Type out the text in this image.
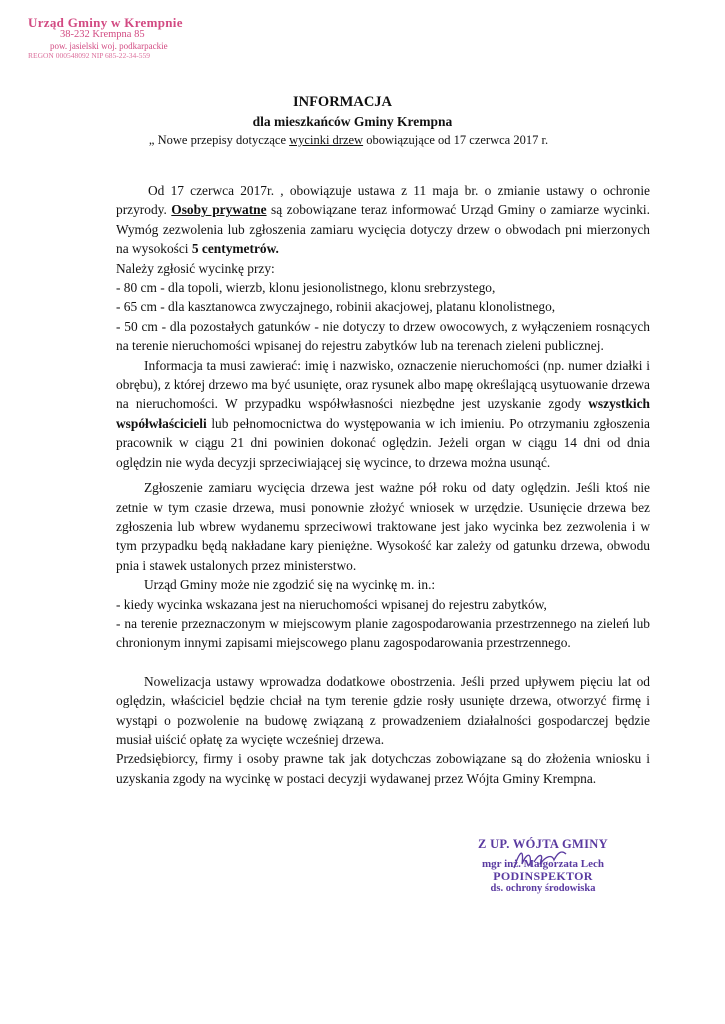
Urząd Gminy w Krempnie
38-232 Krempna 85
pow. jasielski woj. podkarpackie
REGON 000548092 NIP 685-22-34-559
INFORMACJA
dla mieszkańców Gminy Krempna
„ Nowe przepisy dotyczące wycinki drzew obowiązujące od 17 czerwca 2017 r.

Od 17 czerwca 2017r. , obowiązuje ustawa z 11 maja br. o zmianie ustawy o ochronie przyrody. Osoby prywatne są zobowiązane teraz informować Urząd Gminy o zamiarze wycinki. Wymóg zezwolenia lub zgłoszenia zamiaru wycięcia dotyczy drzew o obwodach pni mierzonych na wysokości 5 centymetrów.

Należy zgłosić wycinkę przy:

- 80 cm - dla topoli, wierzb, klonu jesionolistnego, klonu srebrzystego,

- 65 cm - dla kasztanowca zwyczajnego, robinii akacjowej, platanu klonolistnego,

- 50 cm - dla pozostałych gatunków - nie dotyczy to drzew owocowych, z wyłączeniem rosnących na terenie nieruchomości wpisanej do rejestru zabytków lub na terenach zieleni publicznej.

Informacja ta musi zawierać: imię i nazwisko, oznaczenie nieruchomości (np. numer działki i obrębu), z której drzewo ma być usunięte, oraz rysunek albo mapę określającą usytuowanie drzewa na nieruchomości. W przypadku współwłasności niezbędne jest uzyskanie zgody wszystkich współwłaścicieli lub pełnomocnictwa do występowania w ich imieniu. Po otrzymaniu zgłoszenia pracownik w ciągu 21 dni powinien dokonać oględzin. Jeżeli organ w ciągu 14 dni od dnia oględzin nie wyda decyzji sprzeciwiającej się wycince, to drzewa można usunąć.

Zgłoszenie zamiaru wycięcia drzewa jest ważne pół roku od daty oględzin. Jeśli ktoś nie zetnie w tym czasie drzewa, musi ponownie złożyć wniosek w urzędzie. Usunięcie drzewa bez zgłoszenia lub wbrew wydanemu sprzeciwowi traktowane jest jako wycinka bez zezwolenia i w tym przypadku będą nakładane kary pieniężne. Wysokość kar zależy od gatunku drzewa, obwodu pnia i stawek ustalonych przez ministerstwo.

Urząd Gminy może nie zgodzić się na wycinkę m. in.:

- kiedy wycinka wskazana jest na nieruchomości wpisanej do rejestru zabytków,

- na terenie przeznaczonym w miejscowym planie zagospodarowania przestrzennego na zieleń lub chronionym innymi zapisami miejscowego planu zagospodarowania przestrzennego.

Nowelizacja ustawy wprowadza dodatkowe obostrzenia. Jeśli przed upływem pięciu lat od oględzin, właściciel będzie chciał na tym terenie gdzie rosły usunięte drzewa, otworzyć firmę i wystąpi o pozwolenie na budowę związaną z prowadzeniem działalności gospodarczej będzie musiał uiścić opłatę za wycięte wcześniej drzewa.

Przedsiębiorcy, firmy i osoby prawne tak jak dotychczas zobowiązane są do złożenia wniosku i uzyskania zgody na wycinkę w postaci decyzji wydawanej przez Wójta Gminy Krempna.

Z UP. WÓJTA GMINY
mgr inż. Małgorzata Lech
PODINSPEKTOR
ds. ochrony środowiska
